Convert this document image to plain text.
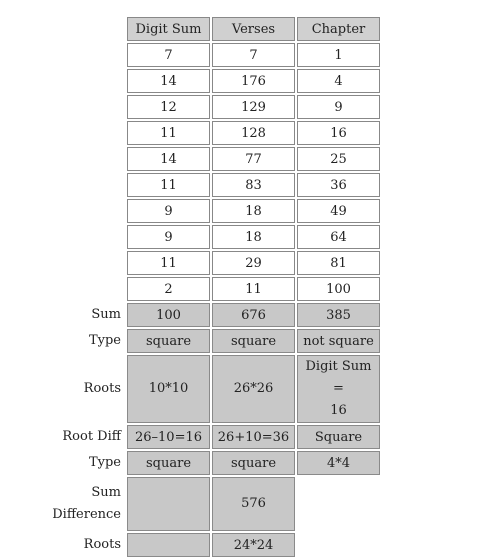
	Digit Sum	Verses	Chapter
	7	7	1
	14	176	4
	12	129	9
	11	128	16
	14	77	25
	11	83	36
	9	18	49
	9	18	64
	11	29	81
	2	11	100
Sum	100	676	385
Type	square	square	not square
Roots	10*10	26*26	Digit Sum =
16

Root Diff	26–10=16	26+10=36	Square
Type	square	square	4*4

Sum
Difference		576	
Roots		24*24	
